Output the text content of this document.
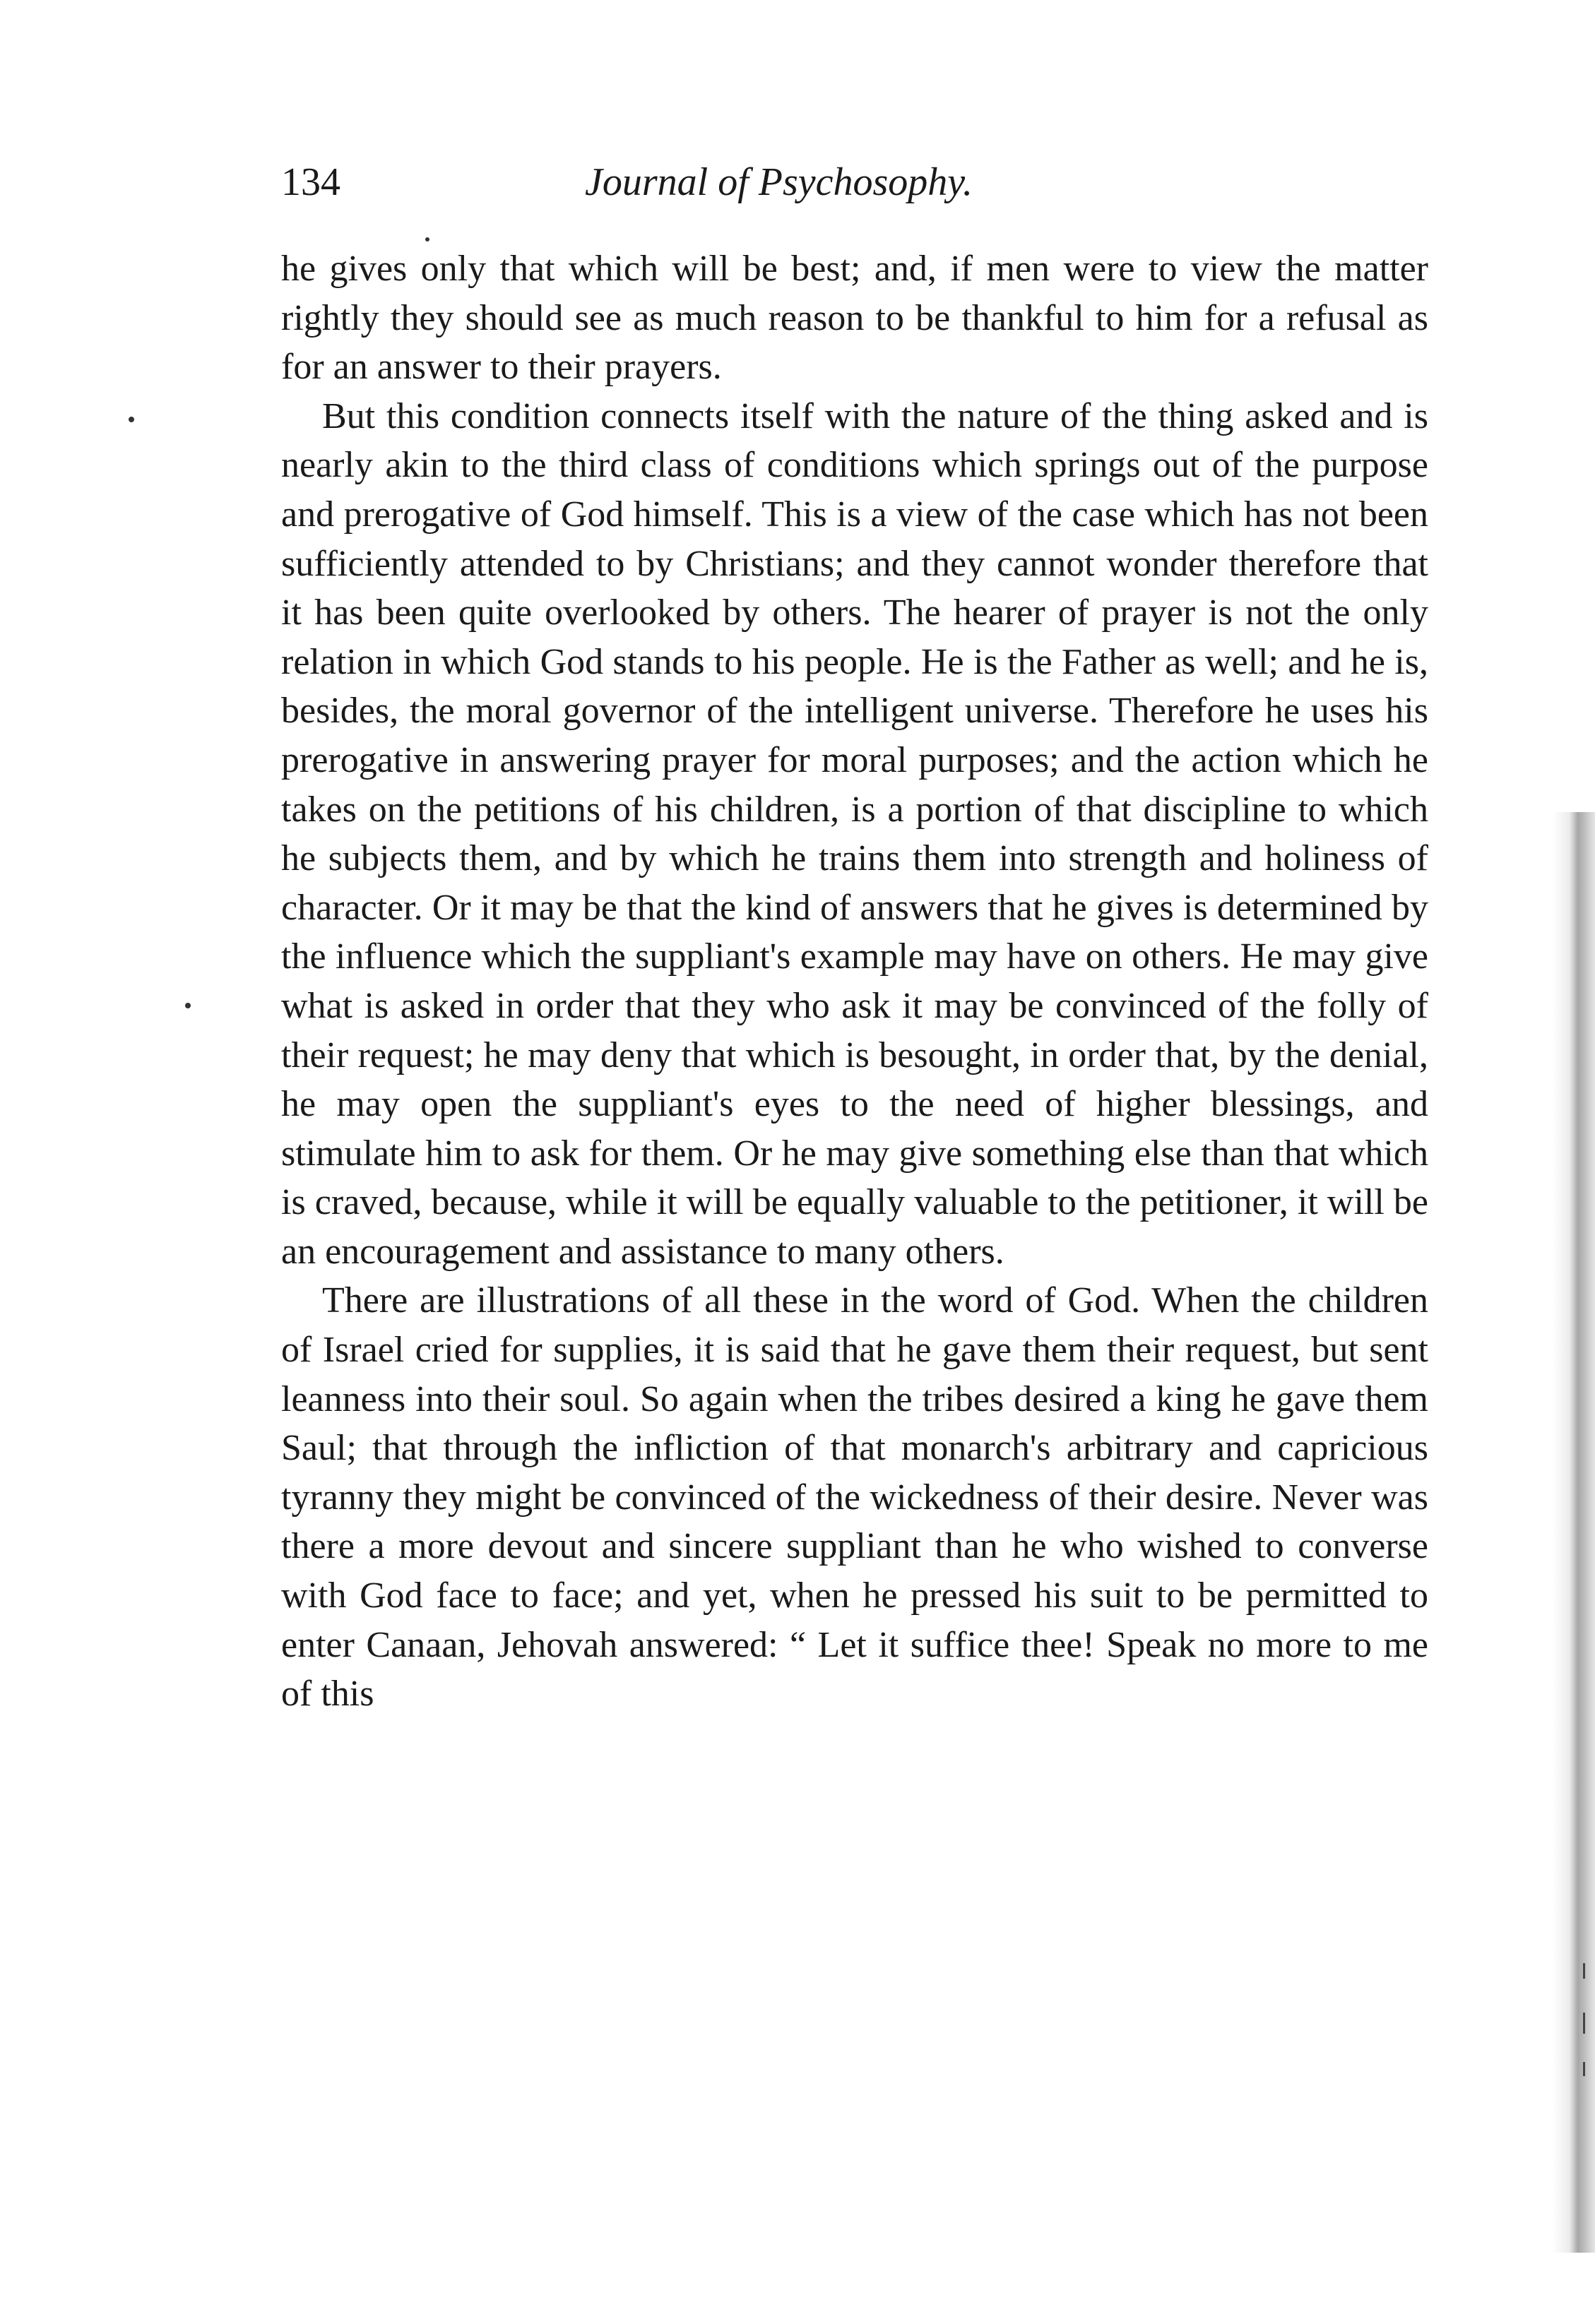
134	Journal of Psychosophy.

he gives only that which will be best; and, if men were to view the matter rightly they should see as much reason to be thankful to him for a refusal as for an answer to their prayers.

But this condition connects itself with the nature of the thing asked and is nearly akin to the third class of conditions which springs out of the purpose and prerogative of God himself. This is a view of the case which has not been sufficiently attended to by Christians; and they cannot wonder therefore that it has been quite overlooked by others. The hearer of prayer is not the only relation in which God stands to his people. He is the Father as well; and he is, besides, the moral governor of the intelligent universe. Therefore he uses his prerogative in answering prayer for moral purposes; and the action which he takes on the petitions of his children, is a portion of that discipline to which he subjects them, and by which he trains them into strength and holiness of character. Or it may be that the kind of answers that he gives is determined by the influence which the suppliant's example may have on others. He may give what is asked in order that they who ask it may be convinced of the folly of their request; he may deny that which is besought, in order that, by the denial, he may open the suppliant's eyes to the need of higher blessings, and stimulate him to ask for them. Or he may give something else than that which is craved, because, while it will be equally valuable to the petitioner, it will be an encouragement and assistance to many others.

There are illustrations of all these in the word of God. When the children of Israel cried for supplies, it is said that he gave them their request, but sent leanness into their soul. So again when the tribes desired a king he gave them Saul; that through the infliction of that monarch's arbitrary and capricious tyranny they might be convinced of the wickedness of their desire. Never was there a more devout and sincere suppliant than he who wished to converse with God face to face; and yet, when he pressed his suit to be permitted to enter Canaan, Jehovah answered: “ Let it suffice thee! Speak no more to me of this
